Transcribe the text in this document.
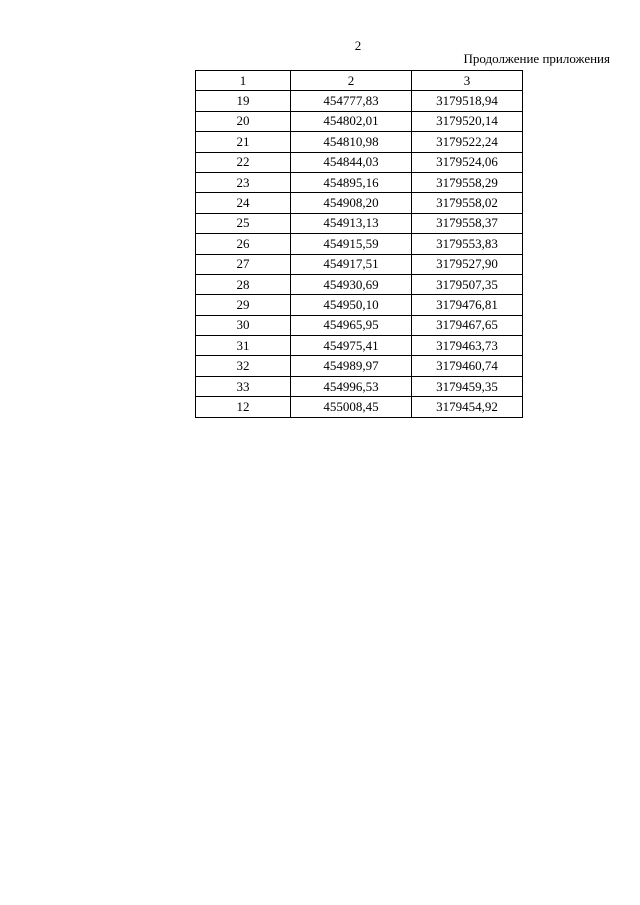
2
Продолжение приложения
1	2	3
19	454777,83	3179518,94
20	454802,01	3179520,14
21	454810,98	3179522,24
22	454844,03	3179524,06
23	454895,16	3179558,29
24	454908,20	3179558,02
25	454913,13	3179558,37
26	454915,59	3179553,83
27	454917,51	3179527,90
28	454930,69	3179507,35
29	454950,10	3179476,81
30	454965,95	3179467,65
31	454975,41	3179463,73
32	454989,97	3179460,74
33	454996,53	3179459,35
12	455008,45	3179454,92
